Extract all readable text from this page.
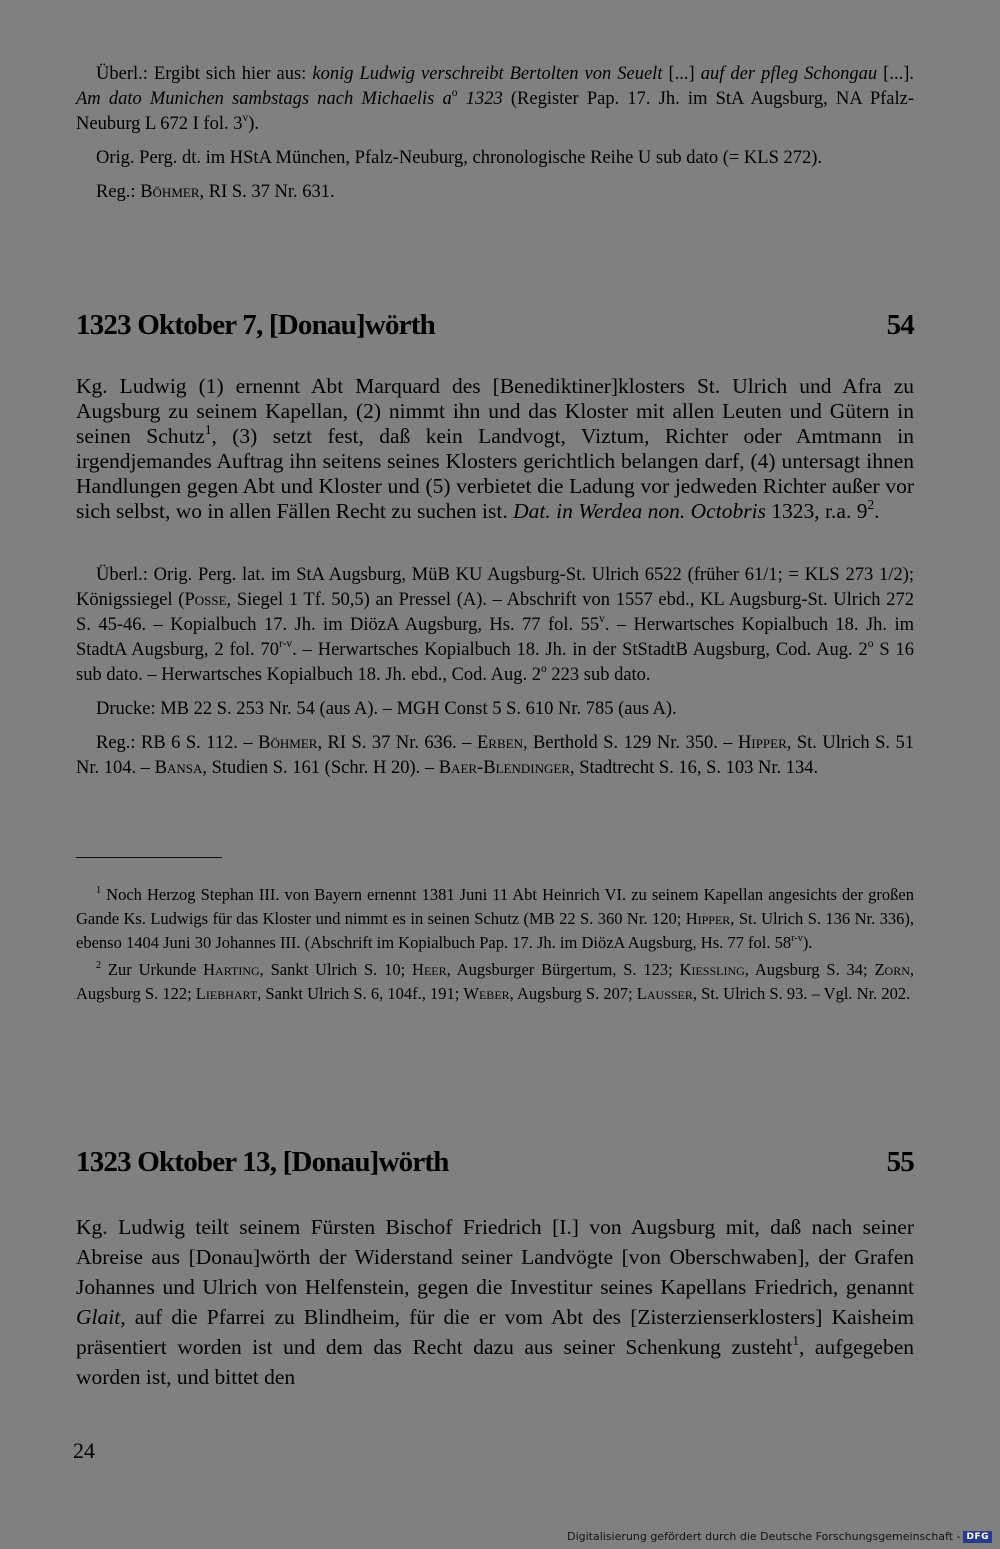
Überl.: Ergibt sich hier aus: konig Ludwig verschreibt Bertolten von Seuelt [...] auf der pfleg Schongau [...]. Am dato Munichen sambstags nach Michaelis $a^o$ 1323 (Register Pap. 17. Jh. im StA Augsburg, NA Pfalz-Neuburg L 672 I fol. 3$^v$).

Orig. Perg. dt. im HStA München, Pfalz-Neuburg, chronologische Reihe U sub dato (= KLS 272).

Reg.: Böhmer, RI S. 37 Nr. 631.

1323 Oktober 7, [Donau]wörth	54

Kg. Ludwig (1) ernennt Abt Marquard des [Benediktiner]klosters St. Ulrich und Afra zu Augsburg zu seinem Kapellan, (2) nimmt ihn und das Kloster mit allen Leuten und Gütern in seinen Schutz$^1$, (3) setzt fest, daß kein Landvogt, Viztum, Richter oder Amtmann in irgendjemandes Auftrag ihn seitens seines Klosters gerichtlich belangen darf, (4) untersagt ihnen Handlungen gegen Abt und Kloster und (5) verbietet die Ladung vor jedweden Richter außer vor sich selbst, wo in allen Fällen Recht zu suchen ist. Dat. in Werdea non. Octobris 1323, r.a. $9^2$.

Überl.: Orig. Perg. lat. im StA Augsburg, MüB KU Augsburg-St. Ulrich 6522 (früher 61/1; = KLS 273 1/2); Königssiegel (Posse, Siegel 1 Tf. 50,5) an Pressel (A). – Abschrift von 1557 ebd., KL Augsburg-St. Ulrich 272 S. 45-46. – Kopialbuch 17. Jh. im DiözA Augsburg, Hs. 77 fol. 55$^v$. – Herwartsches Kopialbuch 18. Jh. im StadtA Augsburg, 2 fol. 70$^{r-v}$. – Herwartsches Kopialbuch 18. Jh. in der StStadtB Augsburg, Cod. Aug. 2$^o$ S 16 sub dato. – Herwartsches Kopialbuch 18. Jh. ebd., Cod. Aug. 2$^o$ 223 sub dato.

Drucke: MB 22 S. 253 Nr. 54 (aus A). – MGH Const 5 S. 610 Nr. 785 (aus A).

Reg.: RB 6 S. 112. – Böhmer, RI S. 37 Nr. 636. – Erben, Berthold S. 129 Nr. 350. – Hipper, St. Ulrich S. 51 Nr. 104. – Bansa, Studien S. 161 (Schr. H 20). – Baer-Blendinger, Stadtrecht S. 16, S. 103 Nr. 134.

$^1$ Noch Herzog Stephan III. von Bayern ernennt 1381 Juni 11 Abt Heinrich VI. zu seinem Kapellan angesichts der großen Gande Ks. Ludwigs für das Kloster und nimmt es in seinen Schutz (MB 22 S. 360 Nr. 120; Hipper, St. Ulrich S. 136 Nr. 336), ebenso 1404 Juni 30 Johannes III. (Abschrift im Kopialbuch Pap. 17. Jh. im DiözA Augsburg, Hs. 77 fol. 58$^{r-v}$).

$^2$ Zur Urkunde Harting, Sankt Ulrich S. 10; Heer, Augsburger Bürgertum, S. 123; Kiessling, Augsburg S. 34; Zorn, Augsburg S. 122; Liebhart, Sankt Ulrich S. 6, 104f., 191; Weber, Augsburg S. 207; Lausser, St. Ulrich S. 93. – Vgl. Nr. 202.

1323 Oktober 13, [Donau]wörth	55

Kg. Ludwig teilt seinem Fürsten Bischof Friedrich [I.] von Augsburg mit, daß nach seiner Abreise aus [Donau]wörth der Widerstand seiner Landvögte [von Oberschwaben], der Grafen Johannes und Ulrich von Helfenstein, gegen die Investitur seines Kapellans Friedrich, genannt Glait, auf die Pfarrei zu Blindheim, für die er vom Abt des [Zisterzienserklosters] Kaisheim präsentiert worden ist und dem das Recht dazu aus seiner Schenkung zusteht$^1$, aufgegeben worden ist, und bittet den

24
Digitalisierung gefördert durch die Deutsche Forschungsgemeinschaft - DFG
